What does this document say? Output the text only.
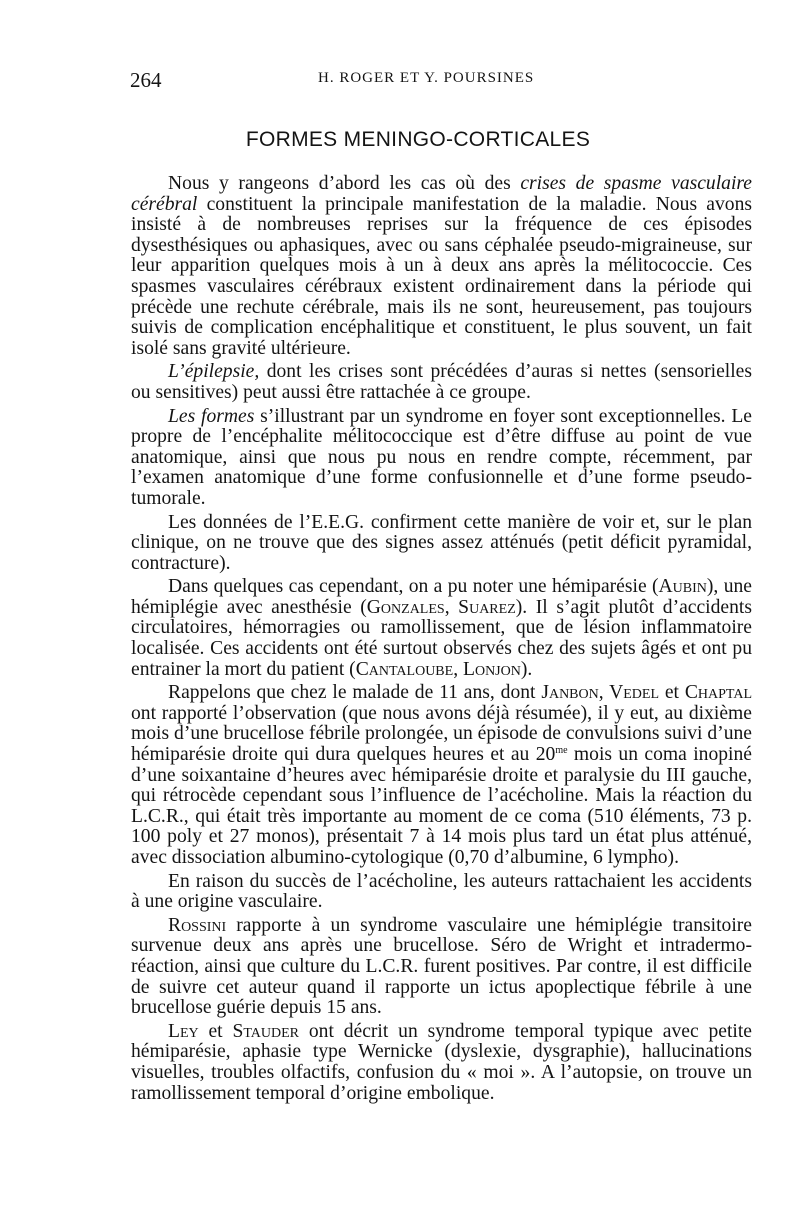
264	H. ROGER ET Y. POURSINES
FORMES MENINGO-CORTICALES

Nous y rangeons d’abord les cas où des crises de spasme vasculaire cérébral constituent la principale manifestation de la maladie. Nous avons insisté à de nombreuses reprises sur la fréquence de ces épisodes dysesthésiques ou aphasiques, avec ou sans céphalée pseudo-migraineuse, sur leur apparition quelques mois à un à deux ans après la mélitococcie. Ces spasmes vasculaires cérébraux existent ordinairement dans la période qui précède une rechute cérébrale, mais ils ne sont, heureusement, pas toujours suivis de complication encéphalitique et constituent, le plus souvent, un fait isolé sans gravité ultérieure.

L’épilepsie, dont les crises sont précédées d’auras si nettes (sensorielles ou sensitives) peut aussi être rattachée à ce groupe.

Les formes s’illustrant par un syndrome en foyer sont exceptionnelles. Le propre de l’encéphalite mélitococcique est d’être diffuse au point de vue anatomique, ainsi que nous pu nous en rendre compte, récemment, par l’examen anatomique d’une forme confusionnelle et d’une forme pseudo-tumorale.

Les données de l’E.E.G. confirment cette manière de voir et, sur le plan clinique, on ne trouve que des signes assez atténués (petit déficit pyramidal, contracture).

Dans quelques cas cependant, on a pu noter une hémiparésie (Aubin), une hémiplégie avec anesthésie (Gonzales, Suarez). Il s’agit plutôt d’accidents circulatoires, hémorragies ou ramollissement, que de lésion inflammatoire localisée. Ces accidents ont été surtout observés chez des sujets âgés et ont pu entrainer la mort du patient (Cantaloube, Lonjon).

Rappelons que chez le malade de 11 ans, dont Janbon, Vedel et Chaptal ont rapporté l’observation (que nous avons déjà résumée), il y eut, au dixième mois d’une brucellose fébrile prolongée, un épisode de convulsions suivi d’une hémiparésie droite qui dura quelques heures et au $20^{me}$ mois un coma inopiné d’une soixantaine d’heures avec hémiparésie droite et paralysie du III gauche, qui rétrocède cependant sous l’influence de l’acécholine. Mais la réaction du L.C.R., qui était très importante au moment de ce coma (510 éléments, 73 p. 100 poly et 27 monos), présentait 7 à 14 mois plus tard un état plus atténué, avec dissociation albumino-cytologique (0,70 d’albumine, 6 lympho).

En raison du succès de l’acécholine, les auteurs rattachaient les accidents à une origine vasculaire.

Rossini rapporte à un syndrome vasculaire une hémiplégie transitoire survenue deux ans après une brucellose. Séro de Wright et intradermo-réaction, ainsi que culture du L.C.R. furent positives. Par contre, il est difficile de suivre cet auteur quand il rapporte un ictus apoplectique fébrile à une brucellose guérie depuis 15 ans.

Ley et Stauder ont décrit un syndrome temporal typique avec petite hémiparésie, aphasie type Wernicke (dyslexie, dysgraphie), hallucinations visuelles, troubles olfactifs, confusion du « moi ». A l’autopsie, on trouve un ramollissement temporal d’origine embolique.
